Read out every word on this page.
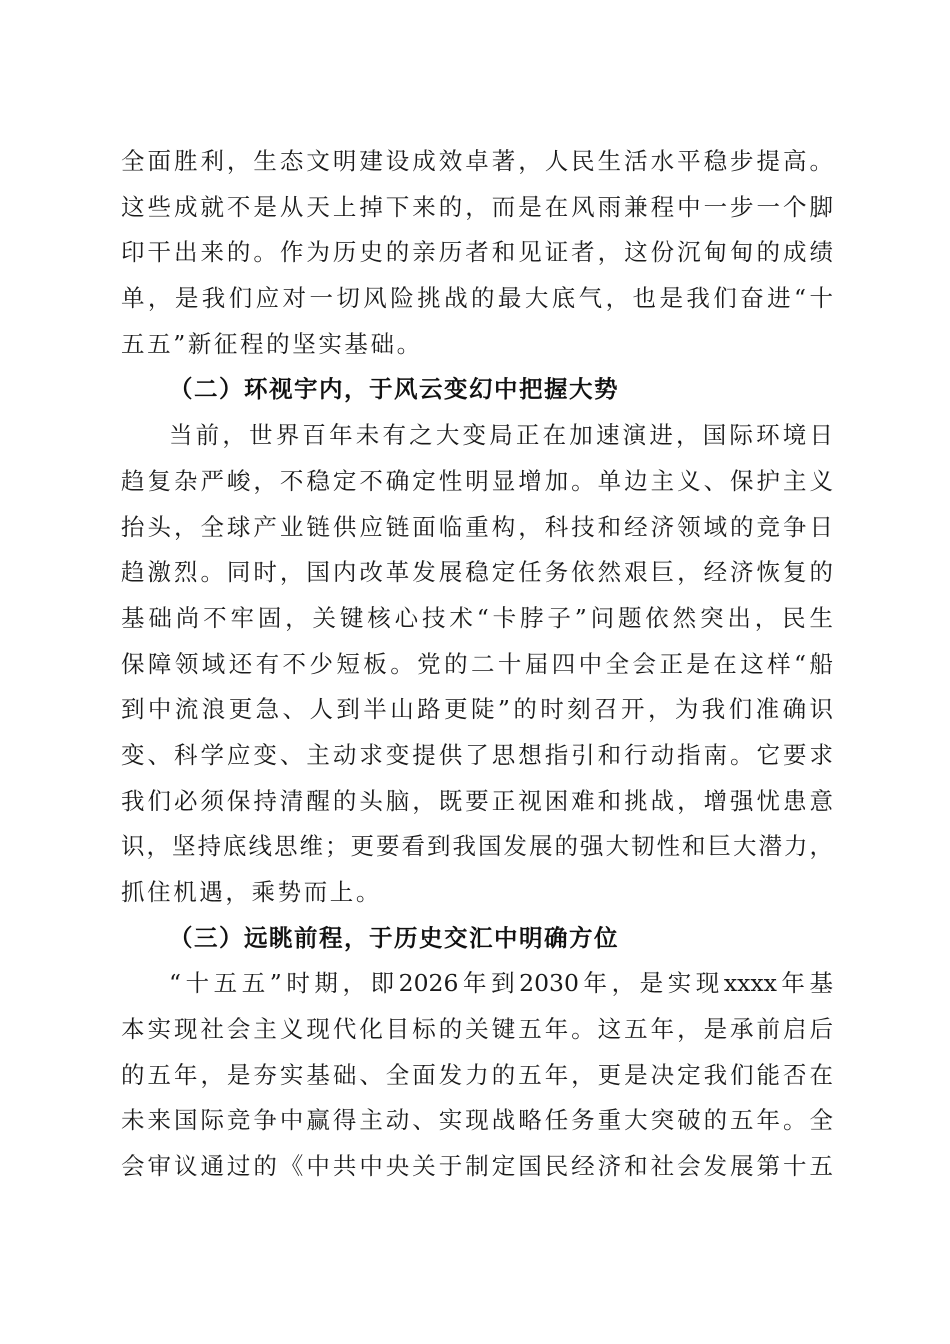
全面胜利，生态文明建设成效卓著，人民生活水平稳步提高。
这些成就不是从天上掉下来的，而是在风雨兼程中一步一个脚
印干出来的。作为历史的亲历者和见证者，这份沉甸甸的成绩
单，是我们应对一切风险挑战的最大底气，也是我们奋进“十
五五”新征程的坚实基础。
（二）环视宇内，于风云变幻中把握大势
当前，世界百年未有之大变局正在加速演进，国际环境日
趋复杂严峻，不稳定不确定性明显增加。单边主义、保护主义
抬头，全球产业链供应链面临重构，科技和经济领域的竞争日
趋激烈。同时，国内改革发展稳定任务依然艰巨，经济恢复的
基础尚不牢固，关键核心技术“卡脖子”问题依然突出，民生
保障领域还有不少短板。党的二十届四中全会正是在这样“船
到中流浪更急、人到半山路更陡”的时刻召开，为我们准确识
变、科学应变、主动求变提供了思想指引和行动指南。它要求
我们必须保持清醒的头脑，既要正视困难和挑战，增强忧患意
识，坚持底线思维；更要看到我国发展的强大韧性和巨大潜力，
抓住机遇，乘势而上。
（三）远眺前程，于历史交汇中明确方位
“十五五”时期，即2026年到2030年，是实现xxxx年基
本实现社会主义现代化目标的关键五年。这五年，是承前启后
的五年，是夯实基础、全面发力的五年，更是决定我们能否在
未来国际竞争中赢得主动、实现战略任务重大突破的五年。全
会审议通过的《中共中央关于制定国民经济和社会发展第十五
